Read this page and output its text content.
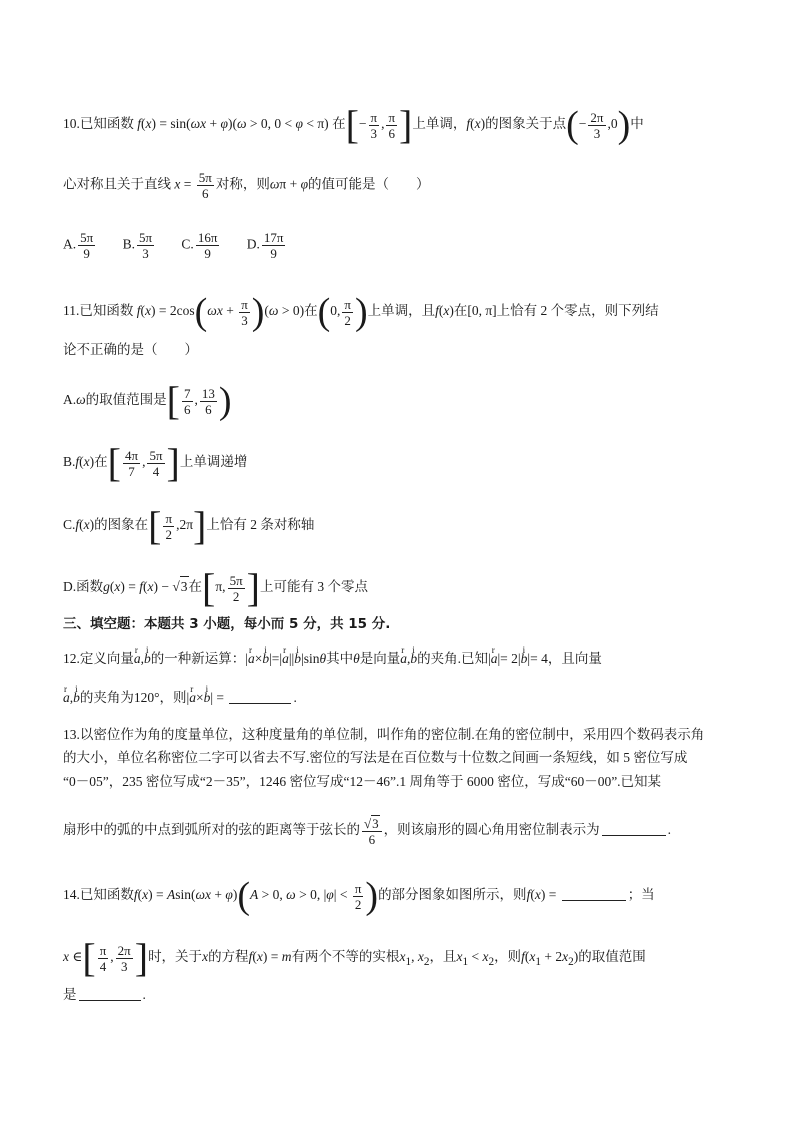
10.已知函数 f(x) = sin(ωx + φ)(ω > 0, 0 < φ < π) 在[− $\frac{\pi}{3}$ , $\frac{\pi}{6}$ ]上单调，f(x)的图象关于点(− $\frac{2\pi}{3} ,0$)中
心对称且关于直线 $x = \frac{5\pi}{6}$ 对称，则ωπ + φ的值可能是（　　）
A. $\frac{5\pi}{9} B$. $\frac{5\pi}{3} C$. $\frac{16\pi}{9} D$. $\frac{17\pi}{9}$
11.已知函数 $f(x) = 2\cos(\omega x + \frac{\pi}{3} )(\omega > 0)$在(0, $\frac{\pi}{2}$ )上单调，且f(x)在[0, π]上恰有 2 个零点，则下列结
论不正确的是（　　）
A.ω的取值范围是[ $\frac{7}{6}$ , $\frac{13}{6}$ )
B.f(x)在[ $\frac{4\pi}{7}$ , $\frac{5\pi}{4}$ ]上单调递增
C.f(x)的图象在[ $\frac{\pi}{2} ,2\pi$]上恰有 2 条对称轴
D.函数g(x) = f(x) − √3在[π, $\frac{5\pi}{2}$ ]上可能有 3 个零点
三、填空题：本题共 3 小题，每小而 5 分，共 15 分.
12.定义向量r a,i b的一种新运算：|r a×i b|=|r a||i b|sinθ其中θ是向量r a,i b的夹角.已知|r a|= 2|i b|= 4，且向量
r a,i b的夹角为120°，则|r a×i b| =	.
13.以密位作为角的度量单位，这种度量角的单位制，叫作角的密位制.在角的密位制中，采用四个数码表示角
的大小，单位名称密位二字可以省去不写.密位的写法是在百位数与十位数之间画一条短线，如 5 密位写成
“0－05”，235 密位写成“2－35”，1246 密位写成“12－46”.1 周角等于 6000 密位，写成“60－00”.已知某
扇形中的弧的中点到弧所对的弦的距离等于弦长的 $\frac{√3}{6}$ ，则该扇形的圆心角用密位制表示为	.
14.已知函数f(x) = Asin(ωx + φ)(A > 0, ω > 0, $|\varphi| < \frac{\pi}{2}$ )的部分图象如图所示，则f(x) =	；当
x ∈[ $\frac{\pi}{4}$ , $\frac{2\pi}{3}$ ]时，关于x的方程f(x) = m有两个不等的实根$x_1$, $x_2$，且$x_1 < x_2$，则$f(x_1 + 2x_2)$的取值范围
是	.
